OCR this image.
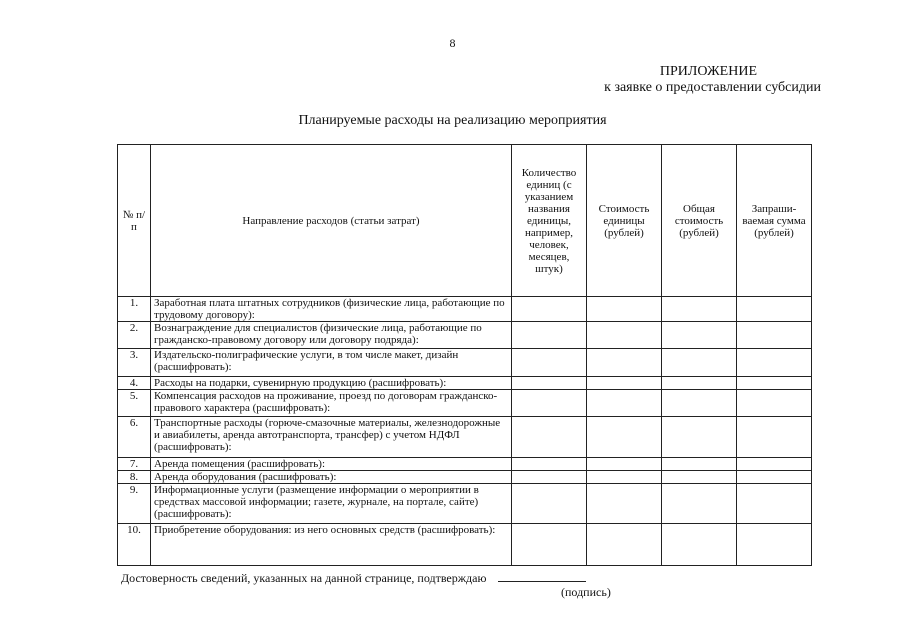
8
ПРИЛОЖЕНИЕ
к заявке о предоставлении субсидии
Планируемые расходы на реализацию мероприятия
№ п/п	Направление расходов (статьи затрат)	Количество единиц (с указанием названия единицы, например, человек, месяцев, штук)	Стоимость единицы (рублей)	Общая стоимость (рублей)	Запраши-ваемая сумма (рублей)
1.	Заработная плата штатных сотрудников (физические лица, работающие по трудовому договору):				
2.	Вознаграждение для специалистов (физические лица, работающие по гражданско-правовому договору или договору подряда):				
3.	Издательско-полиграфические услуги, в том числе макет, дизайн (расшифровать):				
4.	Расходы на подарки, сувенирную продукцию (расшифровать):				
5.	Компенсация расходов на проживание, проезд по договорам гражданско-правового характера (расшифровать):				
6.	Транспортные расходы (горюче-смазочные материалы, железнодорожные и авиабилеты, аренда автотранспорта, трансфер) с учетом НДФЛ (расшифровать):				
7.	Аренда помещения (расшифровать):				
8.	Аренда оборудования (расшифровать):				
9.	Информационные услуги (размещение информации о мероприятии в средствах массовой информации; газете, журнале, на портале, сайте) (расшифровать):				
10.	Приобретение оборудования: из него основных средств (расшифровать):				
Достоверность сведений, указанных на данной странице, подтверждаю
(подпись)
